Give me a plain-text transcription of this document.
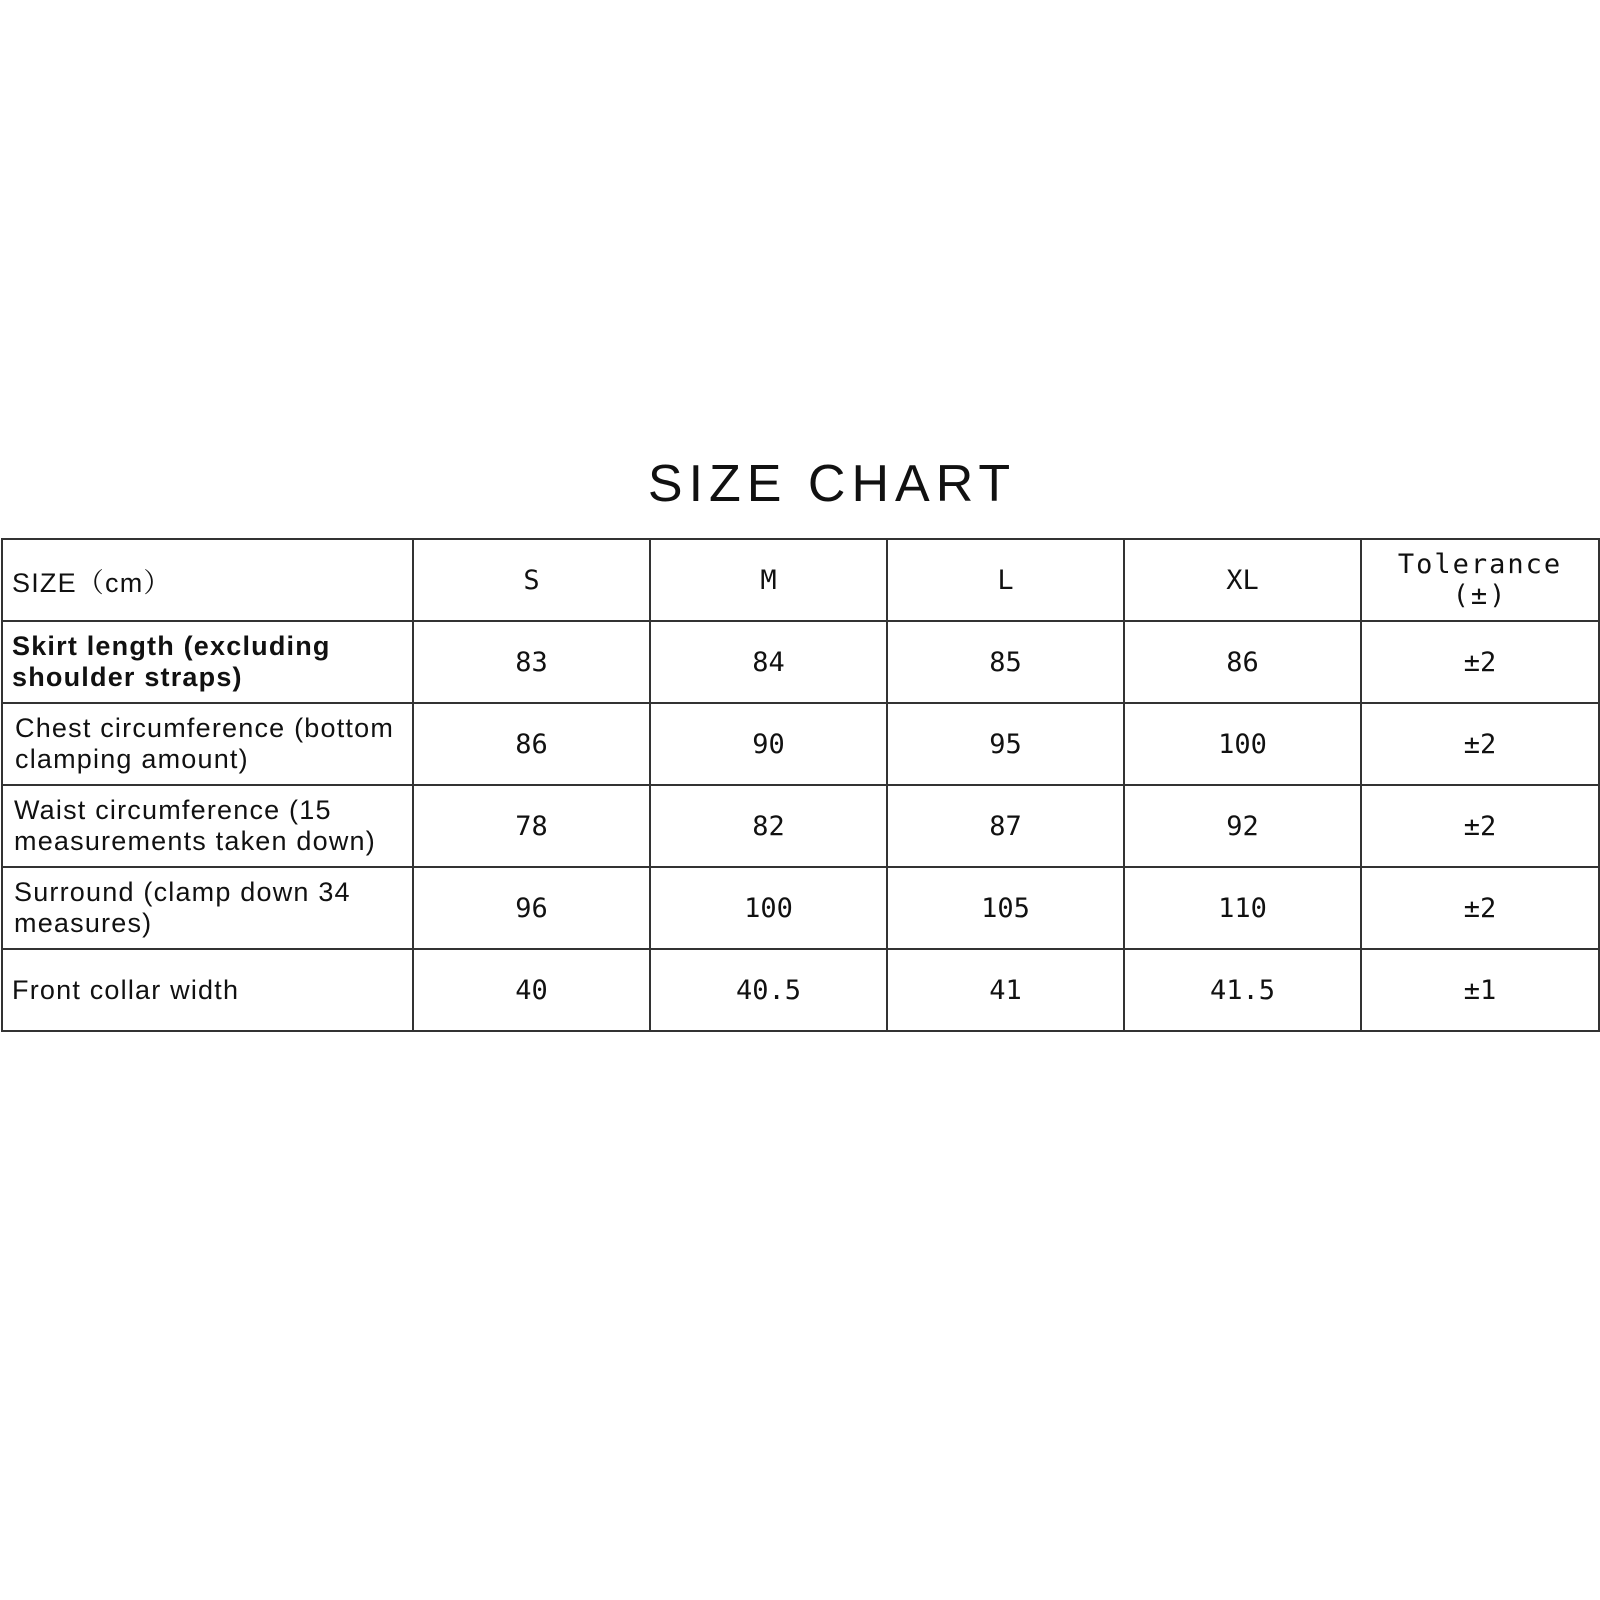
SIZE CHART
SIZE（cm）	S	M	L	XL	Tolerance (±)
Skirt length (excluding shoulder straps)	83	84	85	86	±2
Chest circumference (bottom clamping amount)	86	90	95	100	±2
Waist circumference (15 measurements taken down)	78	82	87	92	±2
Surround (clamp down 34 measures)	96	100	105	110	±2
Front collar width	40	40.5	41	41.5	±1
